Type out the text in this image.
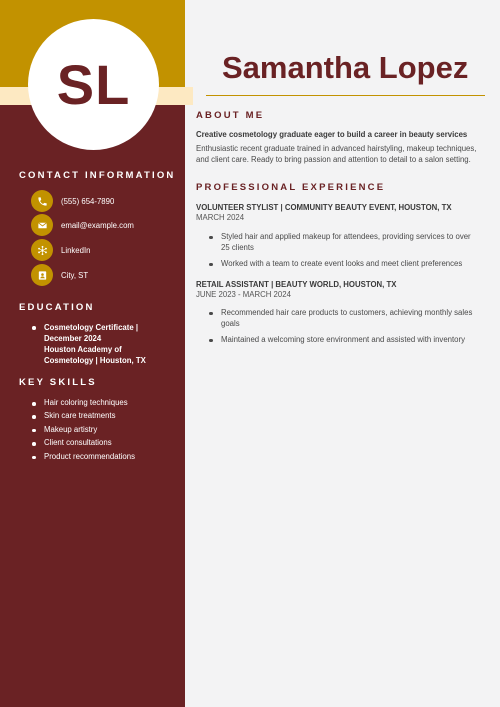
SL
CONTACT INFORMATION
(555) 654-7890
email@example.com
LinkedIn
City, ST
EDUCATION
Cosmetology Certificate | December 2024
Houston Academy of Cosmetology | Houston, TX
KEY SKILLS
Hair coloring techniques
Skin care treatments
Makeup artistry
Client consultations
Product recommendations
Samantha Lopez
ABOUT ME

Creative cosmetology graduate eager to build a career in beauty services

Enthusiastic recent graduate trained in advanced hairstyling, makeup techniques, and client care. Ready to bring passion and attention to detail to a salon setting.

PROFESSIONAL EXPERIENCE

VOLUNTEER STYLIST | COMMUNITY BEAUTY EVENT, HOUSTON, TX

MARCH 2024

Styled hair and applied makeup for attendees, providing services to over 25 clients
Worked with a team to create event looks and meet client preferences

RETAIL ASSISTANT | BEAUTY WORLD, HOUSTON, TX

JUNE 2023 - MARCH 2024

Recommended hair care products to customers, achieving monthly sales goals
Maintained a welcoming store environment and assisted with inventory
